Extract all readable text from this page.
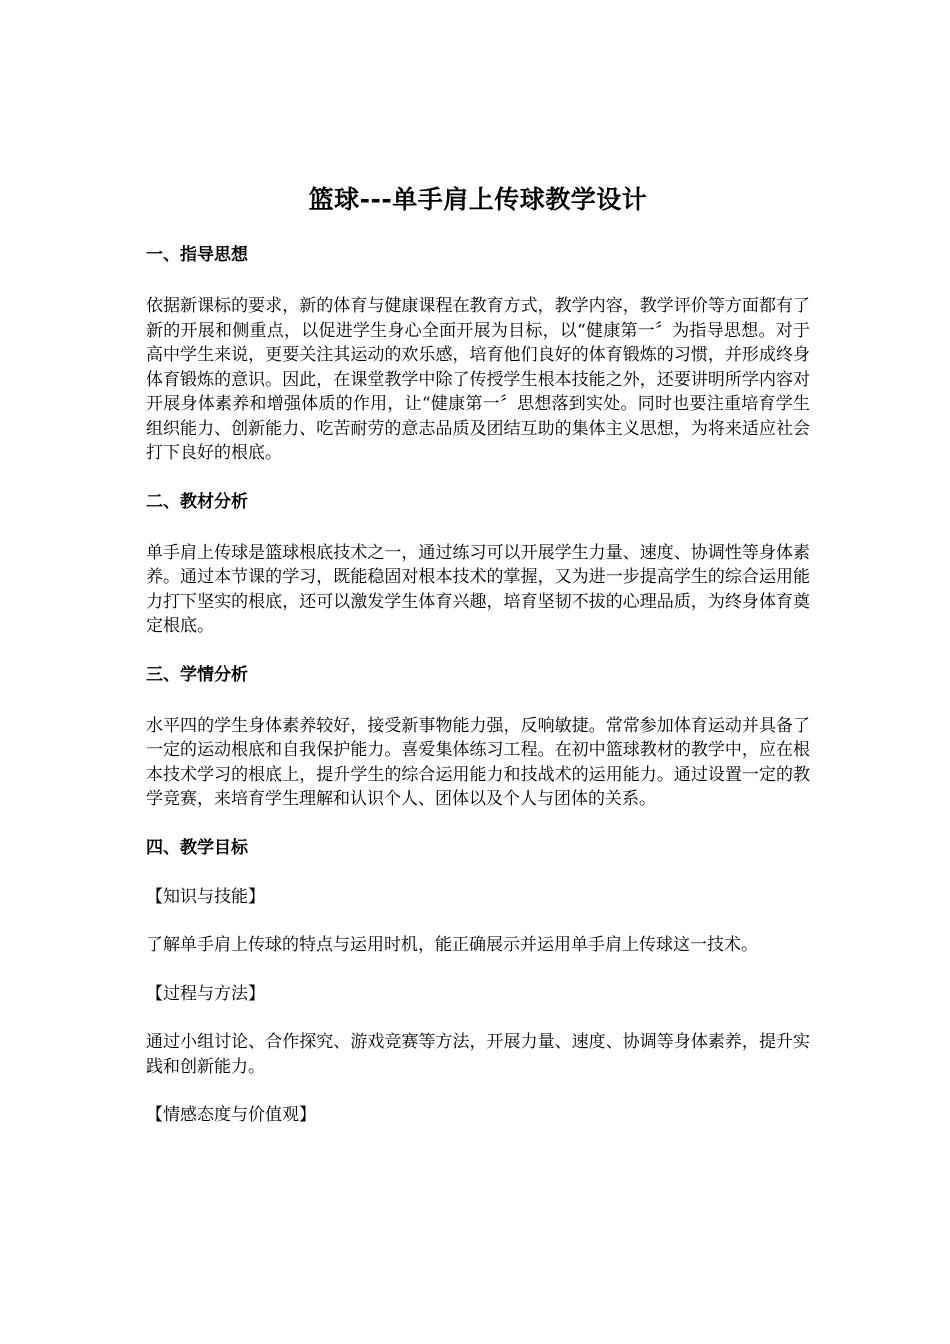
篮球---单手肩上传球教学设计
一、指导思想

依据新课标的要求，新的体育与健康课程在教育方式，教学内容，教学评价等方面都有了新的开展和侧重点，以促进学生身心全面开展为目标，以“健康第一〞为指导思想。对于高中学生来说，更要关注其运动的欢乐感，培育他们良好的体育锻炼的习惯，并形成终身体育锻炼的意识。因此，在课堂教学中除了传授学生根本技能之外，还要讲明所学内容对开展身体素养和增强体质的作用，让“健康第一〞思想落到实处。同时也要注重培育学生组织能力、创新能力、吃苦耐劳的意志品质及团结互助的集体主义思想，为将来适应社会打下良好的根底。

二、教材分析

单手肩上传球是篮球根底技术之一，通过练习可以开展学生力量、速度、协调性等身体素养。通过本节课的学习，既能稳固对根本技术的掌握，又为进一步提高学生的综合运用能力打下坚实的根底，还可以激发学生体育兴趣，培育坚韧不拔的心理品质，为终身体育奠定根底。

三、学情分析

水平四的学生身体素养较好，接受新事物能力强，反响敏捷。常常参加体育运动并具备了一定的运动根底和自我保护能力。喜爱集体练习工程。在初中篮球教材的教学中，应在根本技术学习的根底上，提升学生的综合运用能力和技战术的运用能力。通过设置一定的教学竞赛，来培育学生理解和认识个人、团体以及个人与团体的关系。

四、教学目标

【知识与技能】

了解单手肩上传球的特点与运用时机，能正确展示并运用单手肩上传球这一技术。

【过程与方法】

通过小组讨论、合作探究、游戏竞赛等方法，开展力量、速度、协调等身体素养，提升实践和创新能力。

【情感态度与价值观】
